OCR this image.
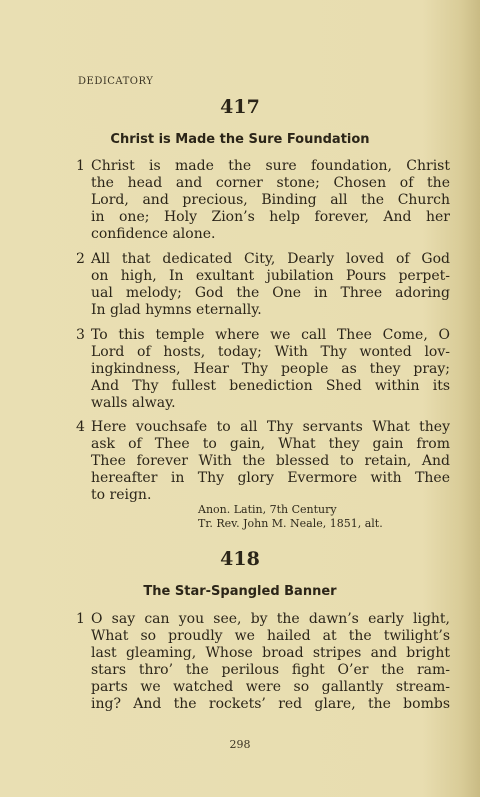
DEDICATORY
417
Christ is Made the Sure Foundation
1 Christ is made the sure foundation, Christ
the head and corner stone; Chosen of the
Lord, and precious, Binding all the Church
in one; Holy Zion’s help forever, And her
confidence alone.
2 All that dedicated City, Dearly loved of God
on high, In exultant jubilation Pours perpet-
ual melody; God the One in Three adoring
In glad hymns eternally.
3 To this temple where we call Thee Come, O
Lord of hosts, today; With Thy wonted lov-
ingkindness, Hear Thy people as they pray;
And Thy fullest benediction Shed within its
walls alway.
4 Here vouchsafe to all Thy servants What they
ask of Thee to gain, What they gain from
Thee forever With the blessed to retain, And
hereafter in Thy glory Evermore with Thee
to reign.
Anon. Latin, 7th Century
Tr. Rev. John M. Neale, 1851, alt.
418
The Star-Spangled Banner
1 O say can you see, by the dawn’s early light,
What so proudly we hailed at the twilight’s
last gleaming, Whose broad stripes and bright
stars thro’ the perilous fight O’er the ram-
parts we watched were so gallantly stream-
ing? And the rockets’ red glare, the bombs
298
